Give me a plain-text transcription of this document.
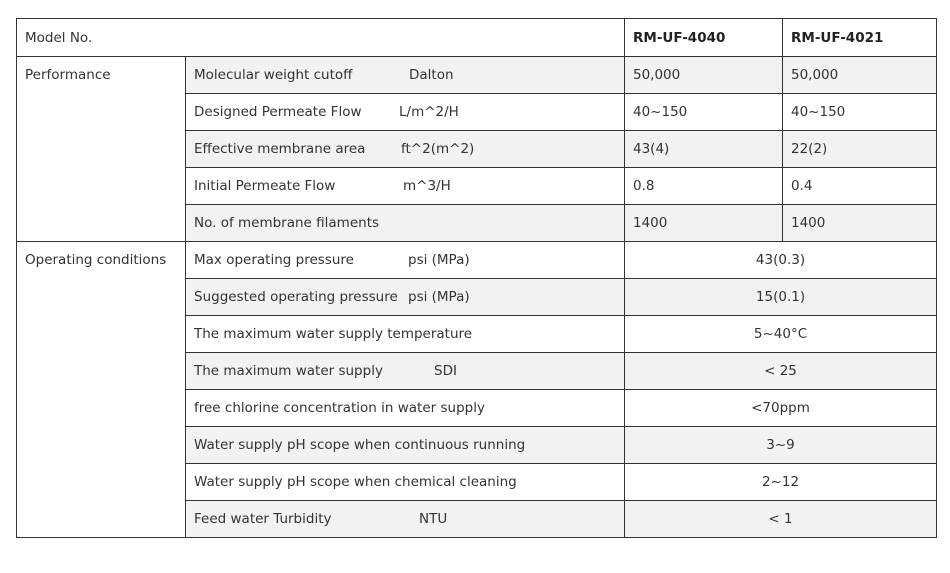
Model No.		RM-UF-4040	RM-UF-4021
Performance	Molecular weight cutoff Dalton	50,000	50,000
	Designed Permeate Flow L/m^2/H	40~150	40~150
	Effective membrane area ft^2(m^2)	43(4)	22(2)
	Initial Permeate Flow m^3/H	0.8	0.4
	No. of membrane filaments	1400	1400
Operating conditions	Max operating pressure psi (MPa)	43(0.3)	
	Suggested operating pressure psi (MPa)	15(0.1)	
	The maximum water supply temperature	5~40°C	
	The maximum water supply SDI	< 25	
	free chlorine concentration in water supply	<70ppm	
	Water supply pH scope when continuous running	3~9	
	Water supply pH scope when chemical cleaning	2~12	
	Feed water Turbidity NTU	< 1	
